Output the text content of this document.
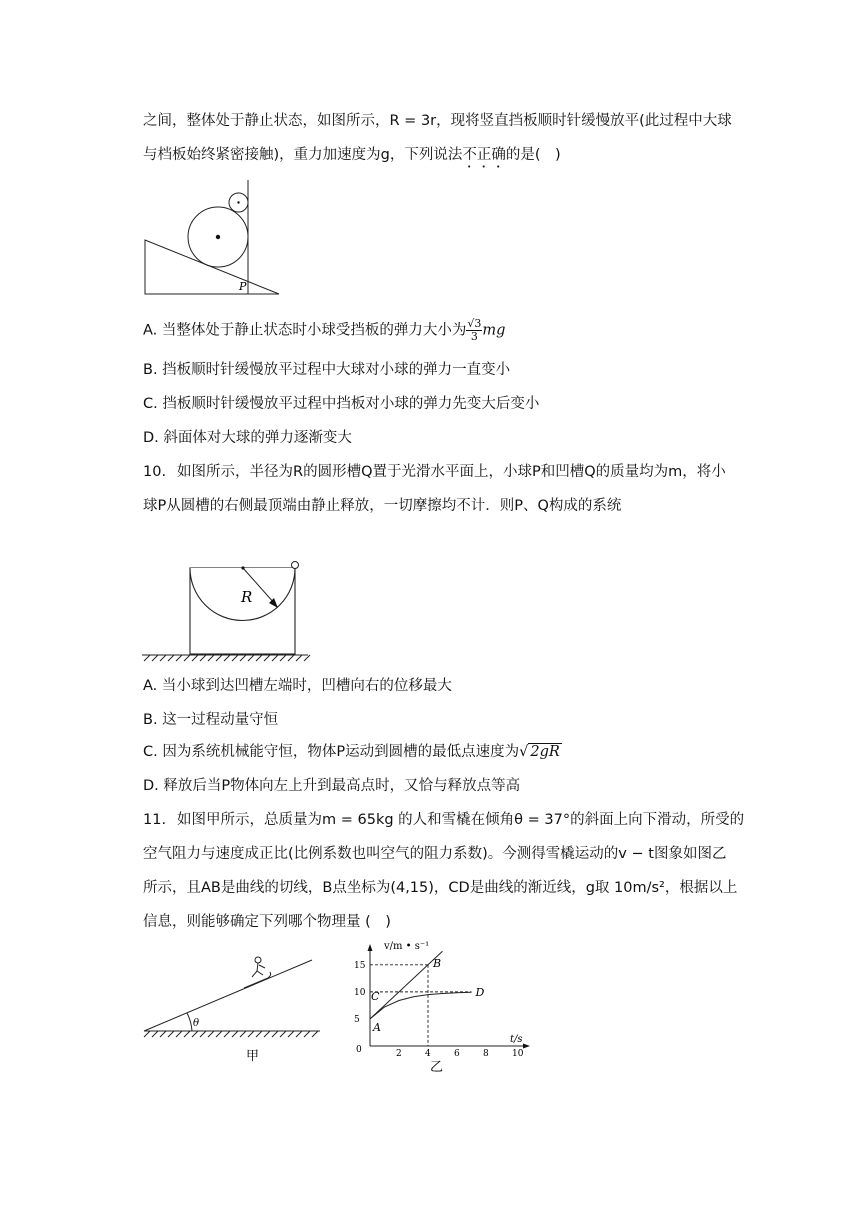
之间，整体处于静止状态，如图所示，R = 3r，现将竖直挡板顺时针缓慢放平(此过程中大球
与档板始终紧密接触)，重力加速度为g，下列说法不正确的是(　)
P
A. 当整体处于静止状态时小球受挡板的弹力大小为 $\frac{√3}{3}$ mg
B. 挡板顺时针缓慢放平过程中大球对小球的弹力一直变小
C. 挡板顺时针缓慢放平过程中挡板对小球的弹力先变大后变小
D. 斜面体对大球的弹力逐渐变大
10. 如图所示，半径为R的圆形槽Q置于光滑水平面上，小球P和凹槽Q的质量均为m，将小
球P从圆槽的右侧最顶端由静止释放，一切摩擦均不计．则P、Q构成的系统
R
A. 当小球到达凹槽左端时，凹槽向右的位移最大
B. 这一过程动量守恒
C. 因为系统机械能守恒，物体P运动到圆槽的最低点速度为√ 2gR
D. 释放后当P物体向左上升到最高点时，又恰与释放点等高
11. 如图甲所示，总质量为m = 65kg 的人和雪橇在倾角θ = 37°的斜面上向下滑动，所受的
空气阻力与速度成正比(比例系数也叫空气的阻力系数)。今测得雪橇运动的v − t图象如图乙
所示，且AB是曲线的切线，B点坐标为(4,15)，CD是曲线的渐近线，g取 10m/s²，根据以上
信息，则能够确定下列哪个物理量 (　)
θ
甲
v/m • s⁻¹
t/s
0	2	4	6	8	10
5
10
15
A
B
C	D
乙
